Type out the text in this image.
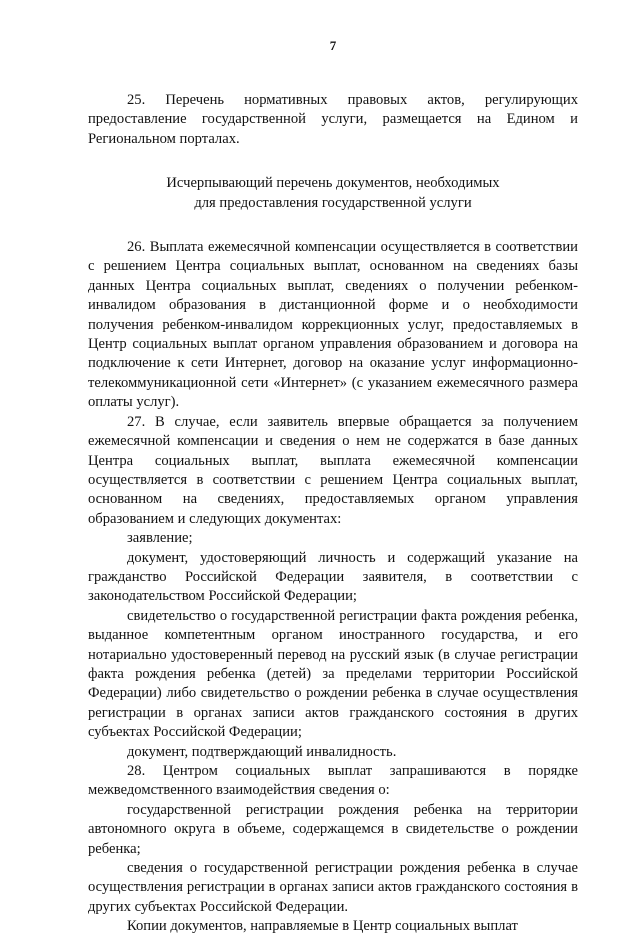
7

25. Перечень нормативных правовых актов, регулирующих предоставление государственной услуги, размещается на Едином и Региональном порталах.

Исчерпывающий перечень документов, необходимых
для предоставления государственной услуги

26. Выплата ежемесячной компенсации осуществляется в соответствии с решением Центра социальных выплат, основанном на сведениях базы данных Центра социальных выплат, сведениях о получении ребенком-инвалидом образования в дистанционной форме и о необходимости получения ребенком-инвалидом коррекционных услуг, предоставляемых в Центр социальных выплат органом управления образованием и договора на подключение к сети Интернет, договор на оказание услуг информационно-телекоммуникационной сети «Интернет» (с указанием ежемесячного размера оплаты услуг).

27. В случае, если заявитель впервые обращается за получением ежемесячной компенсации и сведения о нем не содержатся в базе данных Центра социальных выплат, выплата ежемесячной компенсации осуществляется в соответствии с решением Центра социальных выплат, основанном на сведениях, предоставляемых органом управления образованием и следующих документах:

заявление;

документ, удостоверяющий личность и содержащий указание на гражданство Российской Федерации заявителя, в соответствии с законодательством Российской Федерации;

свидетельство о государственной регистрации факта рождения ребенка, выданное компетентным органом иностранного государства, и его нотариально удостоверенный перевод на русский язык (в случае регистрации факта рождения ребенка (детей) за пределами территории Российской Федерации) либо свидетельство о рождении ребенка в случае осуществления регистрации в органах записи актов гражданского состояния в других субъектах Российской Федерации;

документ, подтверждающий инвалидность.

28. Центром социальных выплат запрашиваются в порядке межведомственного взаимодействия сведения о:

государственной регистрации рождения ребенка на территории автономного округа в объеме, содержащемся в свидетельстве о рождении ребенка;

сведения о государственной регистрации рождения ребенка в случае осуществления регистрации в органах записи актов гражданского состояния в других субъектах Российской Федерации.

Копии документов, направляемые в Центр социальных выплат
